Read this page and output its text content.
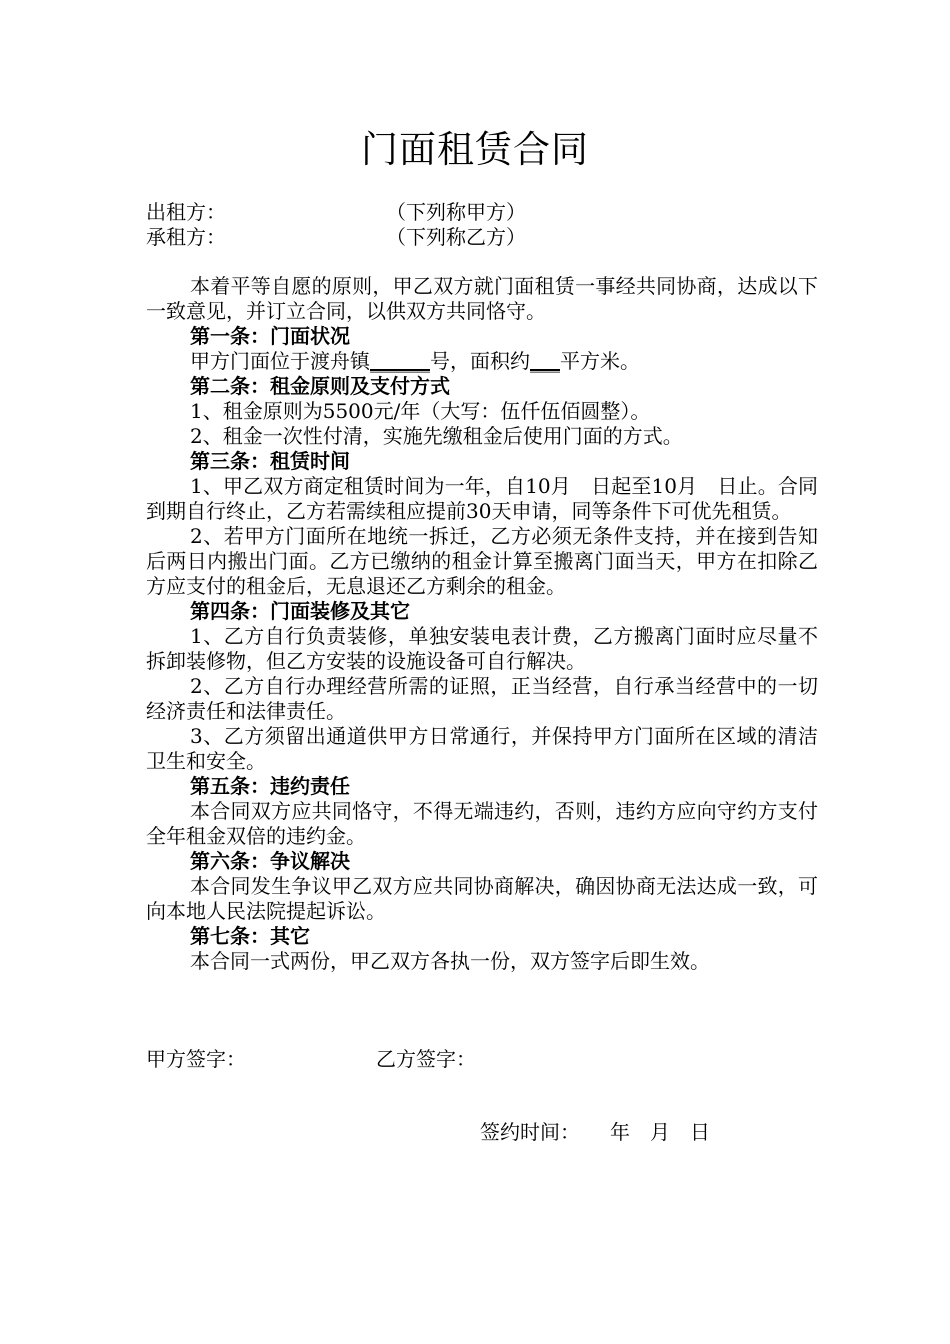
门面租赁合同
出租方：	（下列称甲方）
承租方：	（下列称乙方）

本着平等自愿的原则，甲乙双方就门面租赁一事经共同协商，达成以下一致意见，并订立合同，以供双方共同恪守。

第一条：门面状况

甲方门面位于渡舟镇______号，面积约___平方米。

第二条：租金原则及支付方式

1、租金原则为5500元/年（大写：伍仟伍佰圆整）。

2、租金一次性付清，实施先缴租金后使用门面的方式。

第三条：租赁时间

1、甲乙双方商定租赁时间为一年，自10月　日起至10月　日止。合同到期自行终止，乙方若需续租应提前30天申请，同等条件下可优先租赁。

2、若甲方门面所在地统一拆迁，乙方必须无条件支持，并在接到告知后两日内搬出门面。乙方已缴纳的租金计算至搬离门面当天，甲方在扣除乙方应支付的租金后，无息退还乙方剩余的租金。

第四条：门面装修及其它

1、乙方自行负责装修，单独安装电表计费，乙方搬离门面时应尽量不拆卸装修物，但乙方安装的设施设备可自行解决。

2、乙方自行办理经营所需的证照，正当经营，自行承当经营中的一切经济责任和法律责任。

3、乙方须留出通道供甲方日常通行，并保持甲方门面所在区域的清洁卫生和安全。

第五条：违约责任

本合同双方应共同恪守，不得无端违约，否则，违约方应向守约方支付全年租金双倍的违约金。

第六条：争议解决

本合同发生争议甲乙双方应共同协商解决，确因协商无法达成一致，可向本地人民法院提起诉讼。

第七条：其它

本合同一式两份，甲乙双方各执一份，双方签字后即生效。

甲方签字：	乙方签字：
签约时间：　　年　月　日
